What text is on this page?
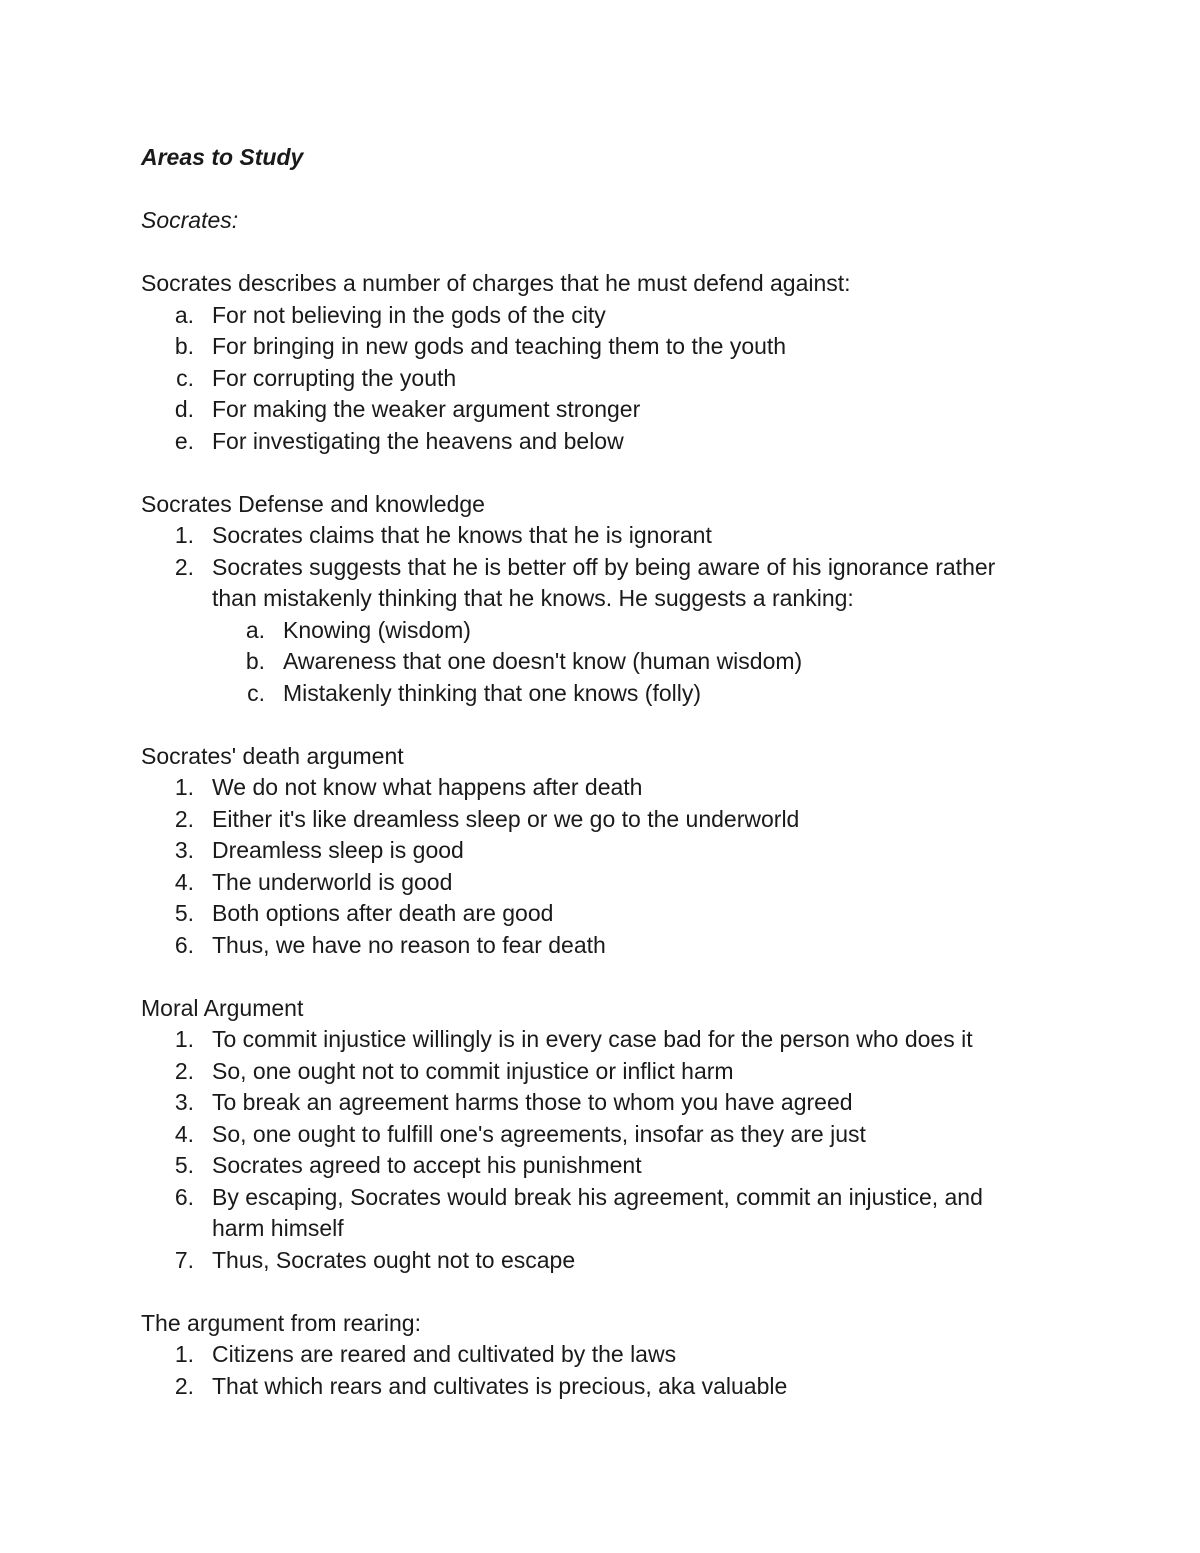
Areas to Study

Socrates:

Socrates describes a number of charges that he must defend against:

a. For not believing in the gods of the city
b. For bringing in new gods and teaching them to the youth
c. For corrupting the youth
d. For making the weaker argument stronger
e. For investigating the heavens and below

Socrates Defense and knowledge

1. Socrates claims that he knows that he is ignorant
2. Socrates suggests that he is better off by being aware of his ignorance rather than mistakenly thinking that he knows. He suggests a ranking:
a. Knowing (wisdom)
b. Awareness that one doesn't know (human wisdom)
c. Mistakenly thinking that one knows (folly)

Socrates' death argument

1. We do not know what happens after death
2. Either it's like dreamless sleep or we go to the underworld
3. Dreamless sleep is good
4. The underworld is good
5. Both options after death are good
6. Thus, we have no reason to fear death

Moral Argument

1. To commit injustice willingly is in every case bad for the person who does it
2. So, one ought not to commit injustice or inflict harm
3. To break an agreement harms those to whom you have agreed
4. So, one ought to fulfill one's agreements, insofar as they are just
5. Socrates agreed to accept his punishment
6. By escaping, Socrates would break his agreement, commit an injustice, and harm himself
7. Thus, Socrates ought not to escape

The argument from rearing:

1. Citizens are reared and cultivated by the laws
2. That which rears and cultivates is precious, aka valuable
